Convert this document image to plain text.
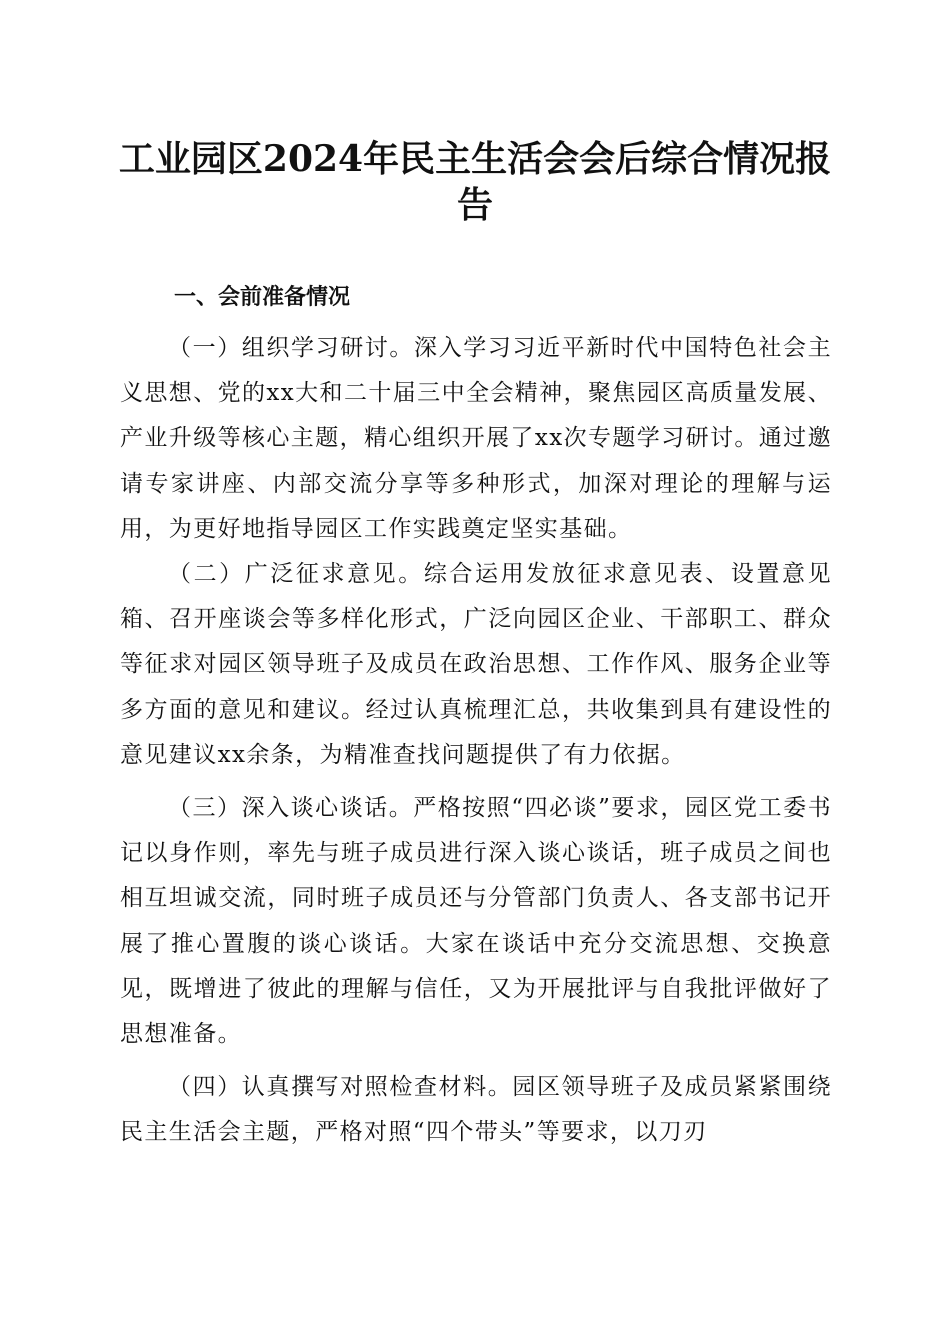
工业园区2024年民主生活会会后综合情况报
告

一、会前准备情况

（一）组织学习研讨。深入学习习近平新时代中国特色社会主义思想、党的xx大和二十届三中全会精神，聚焦园区高质量发展、产业升级等核心主题，精心组织开展了xx次专题学习研讨。通过邀请专家讲座、内部交流分享等多种形式，加深对理论的理解与运用，为更好地指导园区工作实践奠定坚实基础。

（二）广泛征求意见。综合运用发放征求意见表、设置意见箱、召开座谈会等多样化形式，广泛向园区企业、干部职工、群众等征求对园区领导班子及成员在政治思想、工作作风、服务企业等多方面的意见和建议。经过认真梳理汇总，共收集到具有建设性的意见建议xx余条，为精准查找问题提供了有力依据。

（三）深入谈心谈话。严格按照“四必谈”要求，园区党工委书记以身作则，率先与班子成员进行深入谈心谈话，班子成员之间也相互坦诚交流，同时班子成员还与分管部门负责人、各支部书记开展了推心置腹的谈心谈话。大家在谈话中充分交流思想、交换意见，既增进了彼此的理解与信任，又为开展批评与自我批评做好了思想准备。

（四）认真撰写对照检查材料。园区领导班子及成员紧紧围绕民主生活会主题，严格对照“四个带头”等要求，以刀刃
